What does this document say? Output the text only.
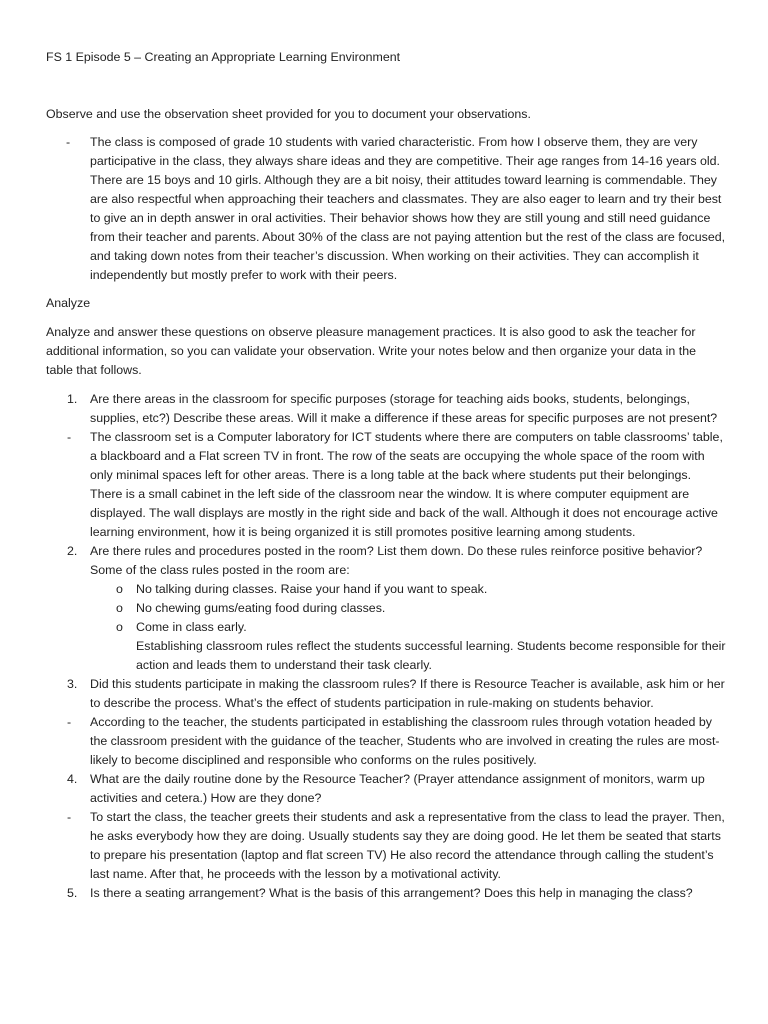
FS 1 Episode 5 – Creating an Appropriate Learning Environment
Observe and use the observation sheet provided for you to document your observations.
- The class is composed of grade 10 students with varied characteristic. From how I observe them, they are very participative in the class, they always share ideas and they are competitive. Their age ranges from 14-16 years old. There are 15 boys and 10 girls. Although they are a bit noisy, their attitudes toward learning is commendable. They are also respectful when approaching their teachers and classmates. They are also eager to learn and try their best to give an in depth answer in oral activities. Their behavior shows how they are still young and still need guidance from their teacher and parents. About 30% of the class are not paying attention but the rest of the class are focused, and taking down notes from their teacher’s discussion. When working on their activities. They can accomplish it independently but mostly prefer to work with their peers.
Analyze
Analyze and answer these questions on observe pleasure management practices. It is also good to ask the teacher for additional information, so you can validate your observation. Write your notes below and then organize your data in the table that follows.
1. Are there areas in the classroom for specific purposes (storage for teaching aids books, students, belongings, supplies, etc?) Describe these areas. Will it make a difference if these areas for specific purposes are not present?
- The classroom set is a Computer laboratory for ICT students where there are computers on table classrooms’ table, a blackboard and a Flat screen TV in front. The row of the seats are occupying the whole space of the room with only minimal spaces left for other areas. There is a long table at the back where students put their belongings. There is a small cabinet in the left side of the classroom near the window. It is where computer equipment are displayed. The wall displays are mostly in the right side and back of the wall. Although it does not encourage active learning environment, how it is being organized it is still promotes positive learning among students.
2. Are there rules and procedures posted in the room? List them down. Do these rules reinforce positive behavior?
Some of the class rules posted in the room are:
o No talking during classes. Raise your hand if you want to speak.
o No chewing gums/eating food during classes.
o Come in class early.
Establishing classroom rules reflect the students successful learning. Students become responsible for their action and leads them to understand their task clearly.
3. Did this students participate in making the classroom rules? If there is Resource Teacher is available, ask him or her to describe the process. What’s the effect of students participation in rule-making on students behavior.
- According to the teacher, the students participated in establishing the classroom rules through votation headed by the classroom president with the guidance of the teacher, Students who are involved in creating the rules are most-likely to become disciplined and responsible who conforms on the rules positively.
4. What are the daily routine done by the Resource Teacher? (Prayer attendance assignment of monitors, warm up activities and cetera.) How are they done?
- To start the class, the teacher greets their students and ask a representative from the class to lead the prayer. Then, he asks everybody how they are doing. Usually students say they are doing good. He let them be seated that starts to prepare his presentation (laptop and flat screen TV) He also record the attendance through calling the student’s last name. After that, he proceeds with the lesson by a motivational activity.
5. Is there a seating arrangement? What is the basis of this arrangement? Does this help in managing the class?
